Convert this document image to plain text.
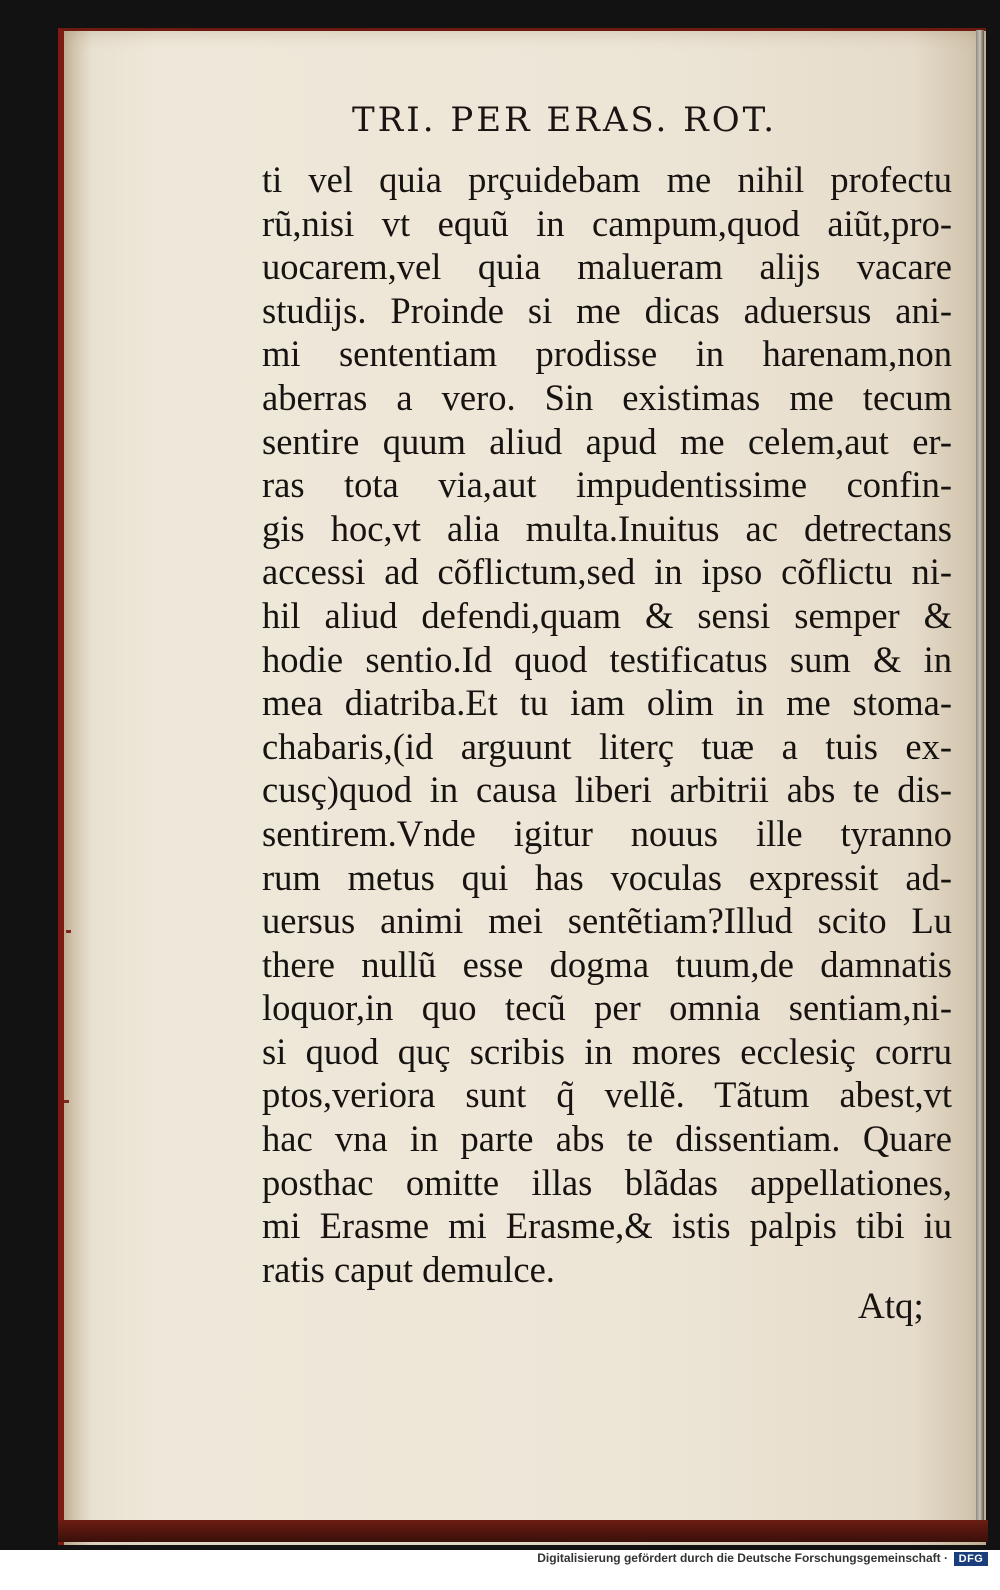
TRI. PER ERAS. ROT.
ti vel quia prçuidebam me nihil profectu
rũ,nisi vt equũ in campum,quod aiũt,pro-
uocarem,vel quia malueram alijs vacare
studijs. Proinde si me dicas aduersus ani-
mi sententiam prodisse in harenam,non
aberras a vero. Sin existimas me tecum
sentire quum aliud apud me celem,aut er-
ras tota via,aut impudentissime confin-
gis hoc,vt alia multa.Inuitus ac detrectans
accessi ad cõflictum,sed in ipso cõflictu ni-
hil aliud defendi,quam & sensi semper &
hodie sentio.Id quod testificatus sum & in
mea diatriba.Et tu iam olim in me stoma-
chabaris,(id arguunt literç tuæ a tuis ex-
cusç)quod in causa liberi arbitrii abs te dis-
sentirem.Vnde igitur nouus ille tyranno
rum metus qui has voculas expressit ad-
uersus animi mei sentẽtiam?Illud scito Lu
there nullũ esse dogma tuum,de damnatis
loquor,in quo tecũ per omnia sentiam,ni-
si quod quç scribis in mores ecclesiç corru
ptos,veriora sunt q̃ vellẽ. Tãtum abest,vt
hac vna in parte abs te dissentiam. Quare
posthac omitte illas blãdas appellationes,
mi Erasme mi Erasme,& istis palpis tibi iu
ratis caput demulce.
Atq;
Digitalisierung gefördert durch die Deutsche Forschungsgemeinschaft · DFG
